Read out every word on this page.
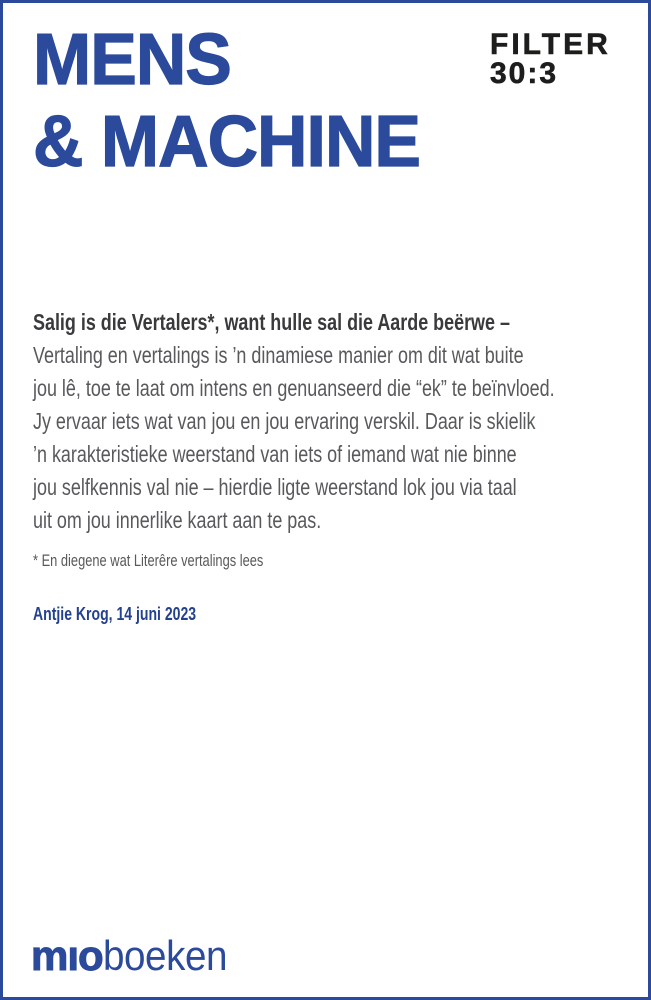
MENS
& MACHINE
FILTER
30:3
Salig is die Vertalers*, want hulle sal die Aarde beërwe –
Vertaling en vertalings is ’n dinamiese manier om dit wat buite
jou lê, toe te laat om intens en genuanseerd die “ek” te beïnvloed.
Jy ervaar iets wat van jou en jou ervaring verskil. Daar is skielik
’n karakteristieke weerstand van iets of iemand wat nie binne
jou selfkennis val nie – hierdie ligte weerstand lok jou via taal
uit om jou innerlike kaart aan te pas.
* En diegene wat Literêre vertalings lees
Antjie Krog, 14 juni 2023
mıoboeken
